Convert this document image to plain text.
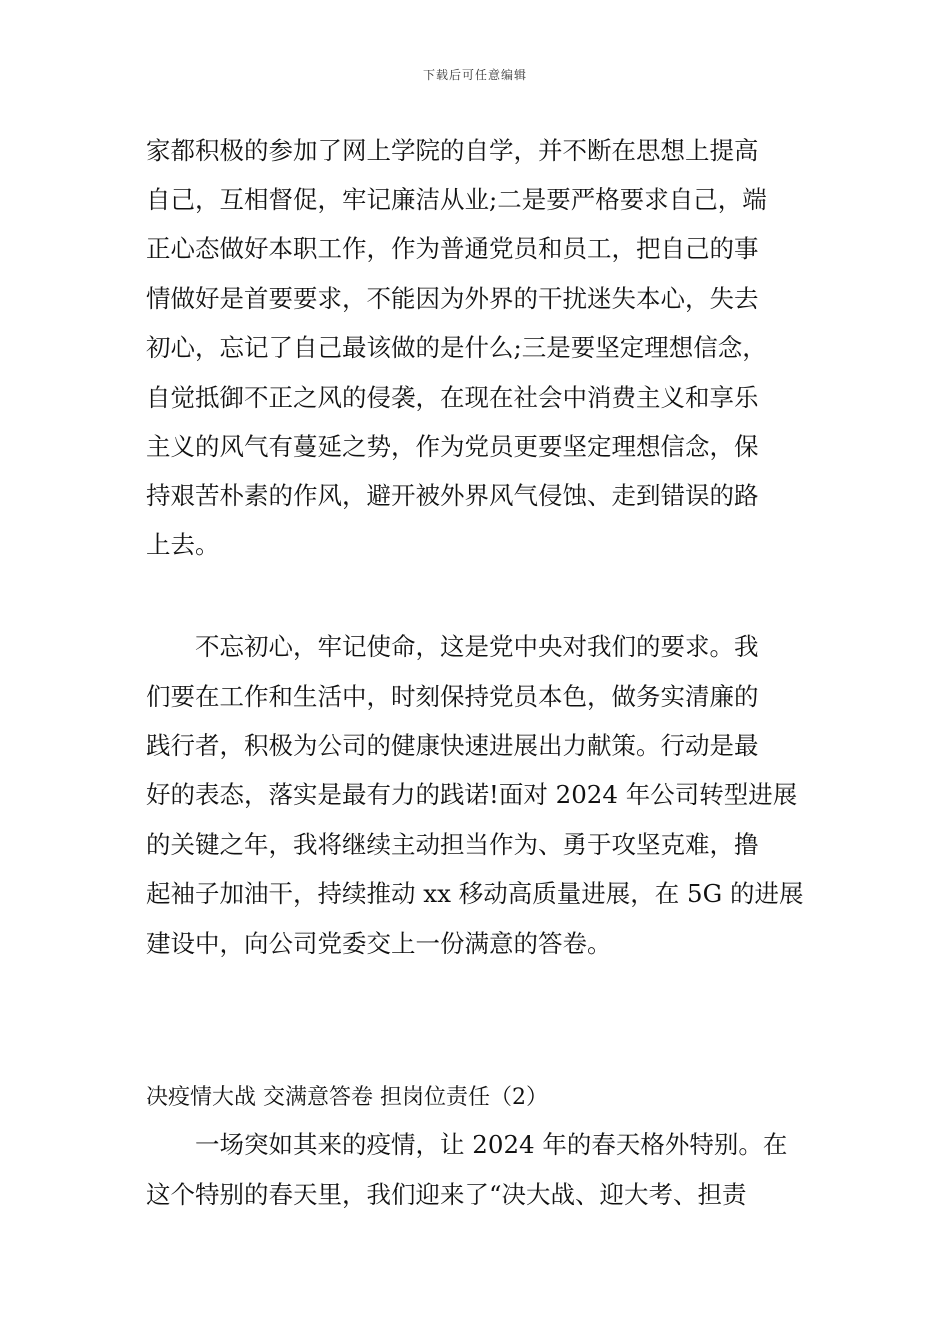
下载后可任意编辑
家都积极的参加了网上学院的自学，并不断在思想上提高
自己，互相督促，牢记廉洁从业;二是要严格要求自己，端
正心态做好本职工作，作为普通党员和员工，把自己的事
情做好是首要要求，不能因为外界的干扰迷失本心，失去
初心，忘记了自己最该做的是什么;三是要坚定理想信念，
自觉抵御不正之风的侵袭，在现在社会中消费主义和享乐
主义的风气有蔓延之势，作为党员更要坚定理想信念，保
持艰苦朴素的作风，避开被外界风气侵蚀、走到错误的路
上去。
　　不忘初心，牢记使命，这是党中央对我们的要求。我
们要在工作和生活中，时刻保持党员本色，做务实清廉的
践行者，积极为公司的健康快速进展出力献策。行动是最
好的表态，落实是最有力的践诺!面对 2024 年公司转型进展
的关键之年，我将继续主动担当作为、勇于攻坚克难，撸
起袖子加油干，持续推动 xx 移动高质量进展，在 5G 的进展
建设中，向公司党委交上一份满意的答卷。
决疫情大战 交满意答卷 担岗位责任（2）
　　一场突如其来的疫情，让 2024 年的春天格外特别。在
这个特别的春天里，我们迎来了“决大战、迎大考、担责
